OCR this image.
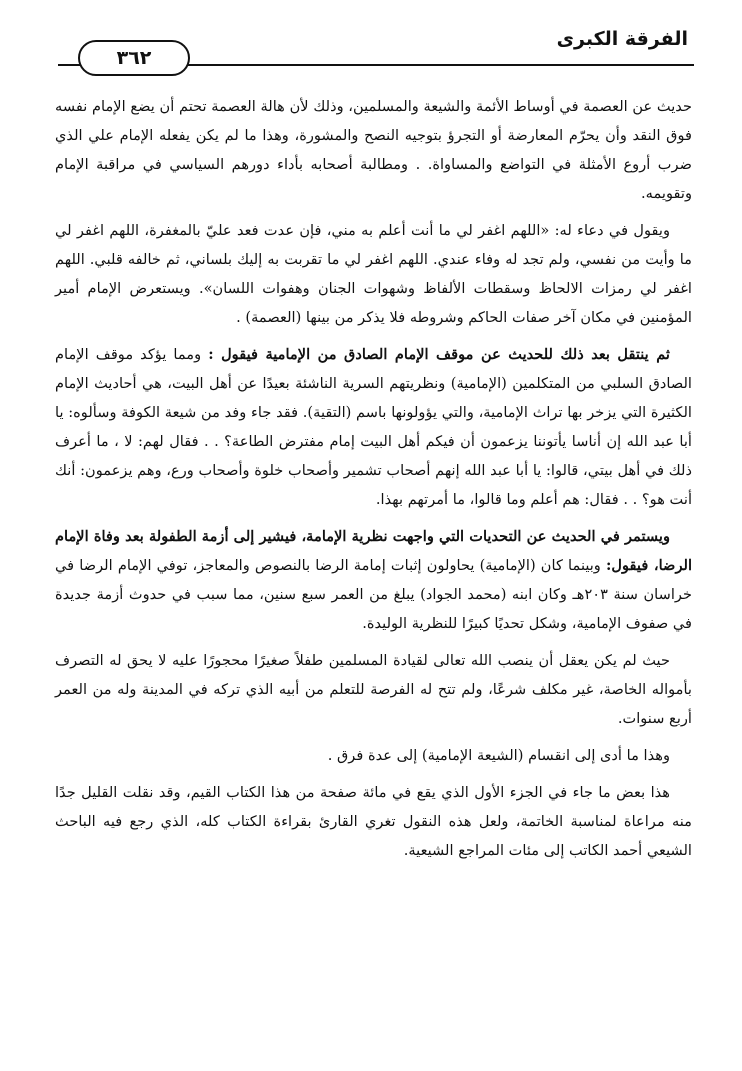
الفرقة الكبرى
٣٦٢

حديث عن العصمة في أوساط الأئمة والشيعة والمسلمين، وذلك لأن هالة العصمة تحتم أن يضع الإمام نفسه فوق النقد وأن يحرّم المعارضة أو التجرؤ بتوجيه النصح والمشورة، وهذا ما لم يكن يفعله الإمام علي الذي ضرب أروع الأمثلة في التواضع والمساواة. . ومطالبة أصحابه بأداء دورهم السياسي في مراقبة الإمام وتقويمه.

ويقول في دعاء له: «اللهم اغفر لي ما أنت أعلم به مني، فإن عدت فعد عليّ بالمغفرة، اللهم اغفر لي ما وأيت من نفسي، ولم تجد له وفاء عندي. اللهم اغفر لي ما تقربت به إليك بلساني، ثم خالفه قلبي. اللهم اغفر لي رمزات الالحاظ وسقطات الألفاظ وشهوات الجنان وهفوات اللسان». ويستعرض الإمام أمير المؤمنين في مكان آخر صفات الحاكم وشروطه فلا يذكر من بينها (العصمة) .

ثم ينتقل بعد ذلك للحديث عن موقف الإمام الصادق من الإمامية فيقول : ومما يؤكد موقف الإمام الصادق السلبي من المتكلمين (الإمامية) ونظريتهم السرية الناشئة بعيدًا عن أهل البيت، هي أحاديث الإمام الكثيرة التي يزخر بها تراث الإمامية، والتي يؤولونها باسم (التقية). فقد جاء وفد من شيعة الكوفة وسألوه: يا أبا عبد الله إن أناسا يأتوننا يزعمون أن فيكم أهل البيت إمام مفترض الطاعة؟ . . فقال لهم: لا ، ما أعرف ذلك في أهل بيتي، قالوا: يا أبا عبد الله إنهم أصحاب تشمير وأصحاب خلوة وأصحاب ورع، وهم يزعمون: أنك أنت هو؟ . . فقال: هم أعلم وما قالوا، ما أمرتهم بهذا.

ويستمر في الحديث عن التحديات التي واجهت نظرية الإمامة، فيشير إلى أزمة الطفولة بعد وفاة الإمام الرضا، فيقول: وبينما كان (الإمامية) يحاولون إثبات إمامة الرضا بالنصوص والمعاجز، توفي الإمام الرضا في خراسان سنة ٢٠٣هـ وكان ابنه (محمد الجواد) يبلغ من العمر سبع سنين، مما سبب في حدوث أزمة جديدة في صفوف الإمامية، وشكل تحديًا كبيرًا للنظرية الوليدة.

حيث لم يكن يعقل أن ينصب الله تعالى لقيادة المسلمين طفلاً صغيرًا محجورًا عليه لا يحق له التصرف بأمواله الخاصة، غير مكلف شرعًا، ولم تتح له الفرصة للتعلم من أبيه الذي تركه في المدينة وله من العمر أربع سنوات.

وهذا ما أدى إلى انقسام (الشيعة الإمامية) إلى عدة فرق .

هذا بعض ما جاء في الجزء الأول الذي يقع في مائة صفحة من هذا الكتاب القيم، وقد نقلت القليل جدًا منه مراعاة لمناسبة الخاتمة، ولعل هذه النقول تغري القارئ بقراءة الكتاب كله، الذي رجع فيه الباحث الشيعي أحمد الكاتب إلى مئات المراجع الشيعية.
